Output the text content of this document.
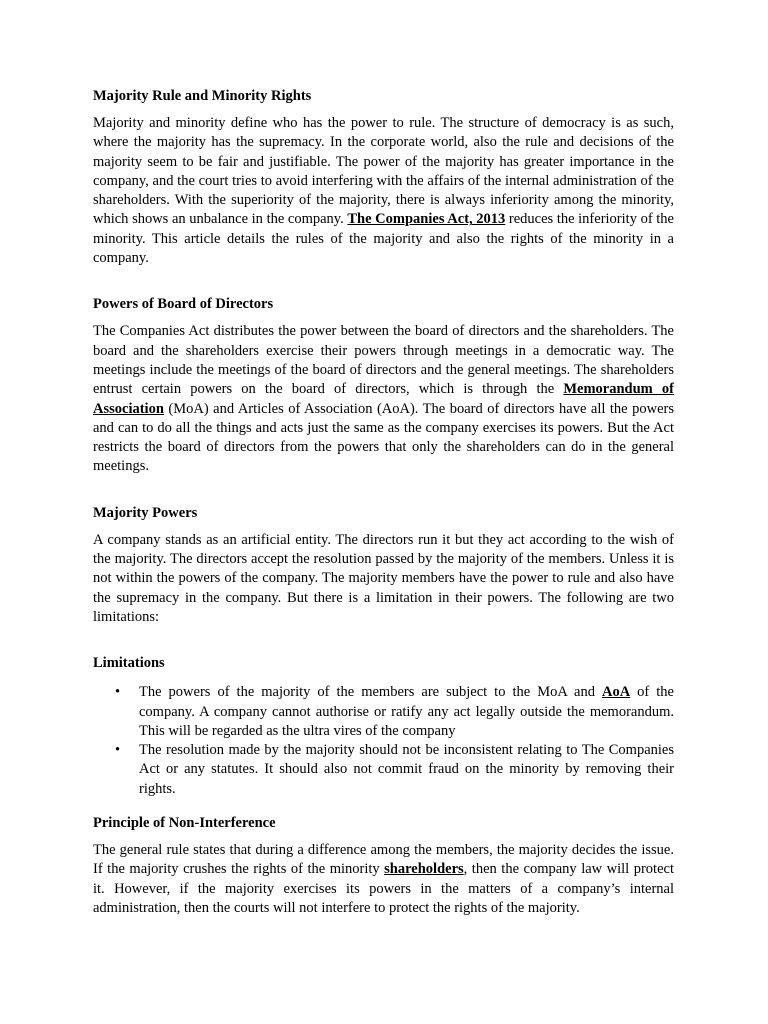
Majority Rule and Minority Rights

Majority and minority define who has the power to rule. The structure of democracy is as such, where the majority has the supremacy. In the corporate world, also the rule and decisions of the majority seem to be fair and justifiable. The power of the majority has greater importance in the company, and the court tries to avoid interfering with the affairs of the internal administration of the shareholders. With the superiority of the majority, there is always inferiority among the minority, which shows an unbalance in the company. The Companies Act, 2013 reduces the inferiority of the minority. This article details the rules of the majority and also the rights of the minority in a company.

Powers of Board of Directors

The Companies Act distributes the power between the board of directors and the shareholders. The board and the shareholders exercise their powers through meetings in a democratic way. The meetings include the meetings of the board of directors and the general meetings. The shareholders entrust certain powers on the board of directors, which is through the Memorandum of Association (MoA) and Articles of Association (AoA). The board of directors have all the powers and can to do all the things and acts just the same as the company exercises its powers. But the Act restricts the board of directors from the powers that only the shareholders can do in the general meetings.

Majority Powers

A company stands as an artificial entity. The directors run it but they act according to the wish of the majority. The directors accept the resolution passed by the majority of the members. Unless it is not within the powers of the company. The majority members have the power to rule and also have the supremacy in the company. But there is a limitation in their powers. The following are two limitations:

Limitations
• The powers of the majority of the members are subject to the MoA and AoA of the company. A company cannot authorise or ratify any act legally outside the memorandum. This will be regarded as the ultra vires of the company
• The resolution made by the majority should not be inconsistent relating to The Companies Act or any statutes. It should also not commit fraud on the minority by removing their rights.
Principle of Non-Interference

The general rule states that during a difference among the members, the majority decides the issue. If the majority crushes the rights of the minority shareholders, then the company law will protect it. However, if the majority exercises its powers in the matters of a company’s internal administration, then the courts will not interfere to protect the rights of the majority.
